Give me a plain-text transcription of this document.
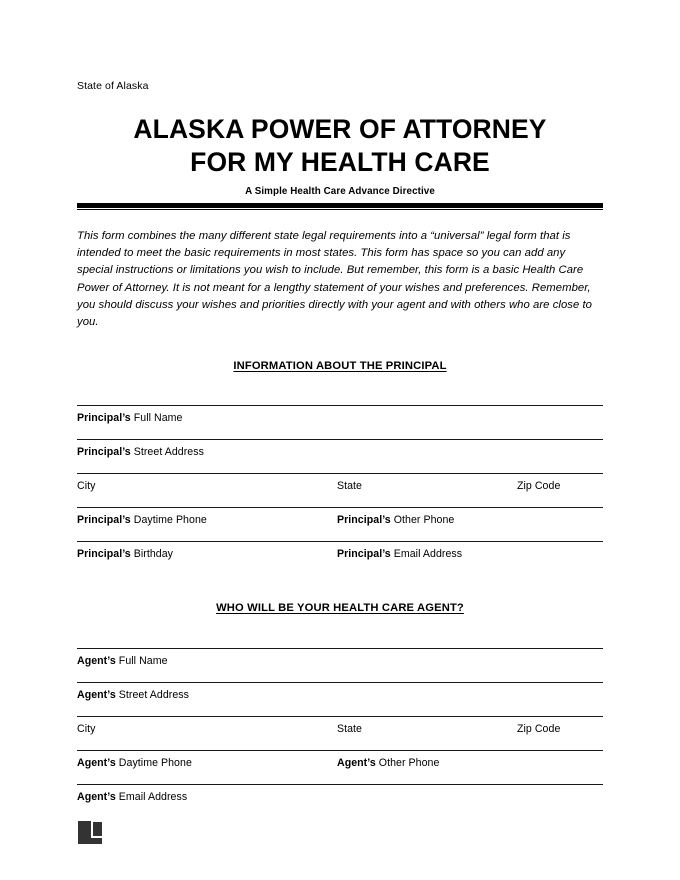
State of Alaska
ALASKA POWER OF ATTORNEY
FOR MY HEALTH CARE
A Simple Health Care Advance Directive

This form combines the many different state legal requirements into a “universal” legal form that is intended to meet the basic requirements in most states. This form has space so you can add any special instructions or limitations you wish to include. But remember, this form is a basic Health Care Power of Attorney. It is not meant for a lengthy statement of your wishes and preferences. Remember, you should discuss your wishes and priorities directly with your agent and with others who are close to you.

INFORMATION ABOUT THE PRINCIPAL
Principal’s Full Name
Principal’s Street Address
City	State	Zip Code
Principal’s Daytime Phone	Principal’s Other Phone
Principal’s Birthday	Principal’s Email Address
WHO WILL BE YOUR HEALTH CARE AGENT?
Agent’s Full Name
Agent’s Street Address
City	State	Zip Code
Agent’s Daytime Phone	Agent’s Other Phone
Agent’s Email Address
